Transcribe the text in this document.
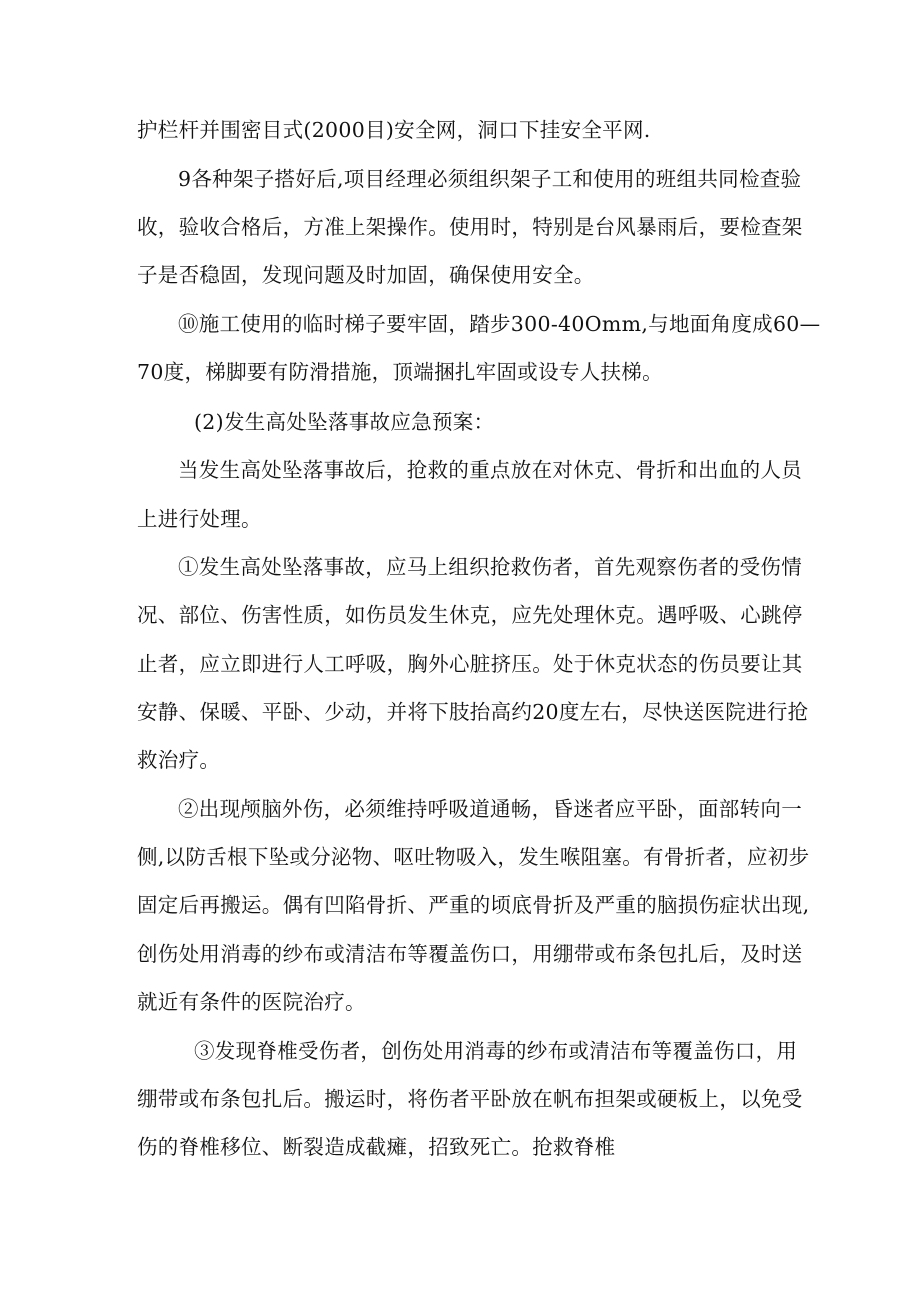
护栏杆并围密目式(2000目)安全网，洞口下挂安全平网.
9各种架子搭好后,项目经理必须组织架子工和使用的班组共同检查验
收，验收合格后，方准上架操作。使用时，特别是台风暴雨后，要检查架
子是否稳固，发现问题及时加固，确保使用安全。
⑩施工使用的临时梯子要牢固，踏步300-40Omm,与地面角度成60—
70度，梯脚要有防滑措施，顶端捆扎牢固或设专人扶梯。
(2)发生高处坠落事故应急预案：
当发生高处坠落事故后，抢救的重点放在对休克、骨折和出血的人员
上进行处理。
①发生高处坠落事故，应马上组织抢救伤者，首先观察伤者的受伤情
况、部位、伤害性质，如伤员发生休克，应先处理休克。遇呼吸、心跳停
止者，应立即进行人工呼吸，胸外心脏挤压。处于休克状态的伤员要让其
安静、保暖、平卧、少动，并将下肢抬高约20度左右，尽快送医院进行抢
救治疗。
②出现颅脑外伤，必须维持呼吸道通畅，昏迷者应平卧，面部转向一
侧,以防舌根下坠或分泌物、呕吐物吸入，发生喉阻塞。有骨折者，应初步
固定后再搬运。偶有凹陷骨折、严重的顷底骨折及严重的脑损伤症状出现,
创伤处用消毒的纱布或清洁布等覆盖伤口，用绷带或布条包扎后，及时送
就近有条件的医院治疗。
③发现脊椎受伤者，创伤处用消毒的纱布或清洁布等覆盖伤口，用
绷带或布条包扎后。搬运时，将伤者平卧放在帆布担架或硬板上，以免受
伤的脊椎移位、断裂造成截瘫，招致死亡。抢救脊椎
